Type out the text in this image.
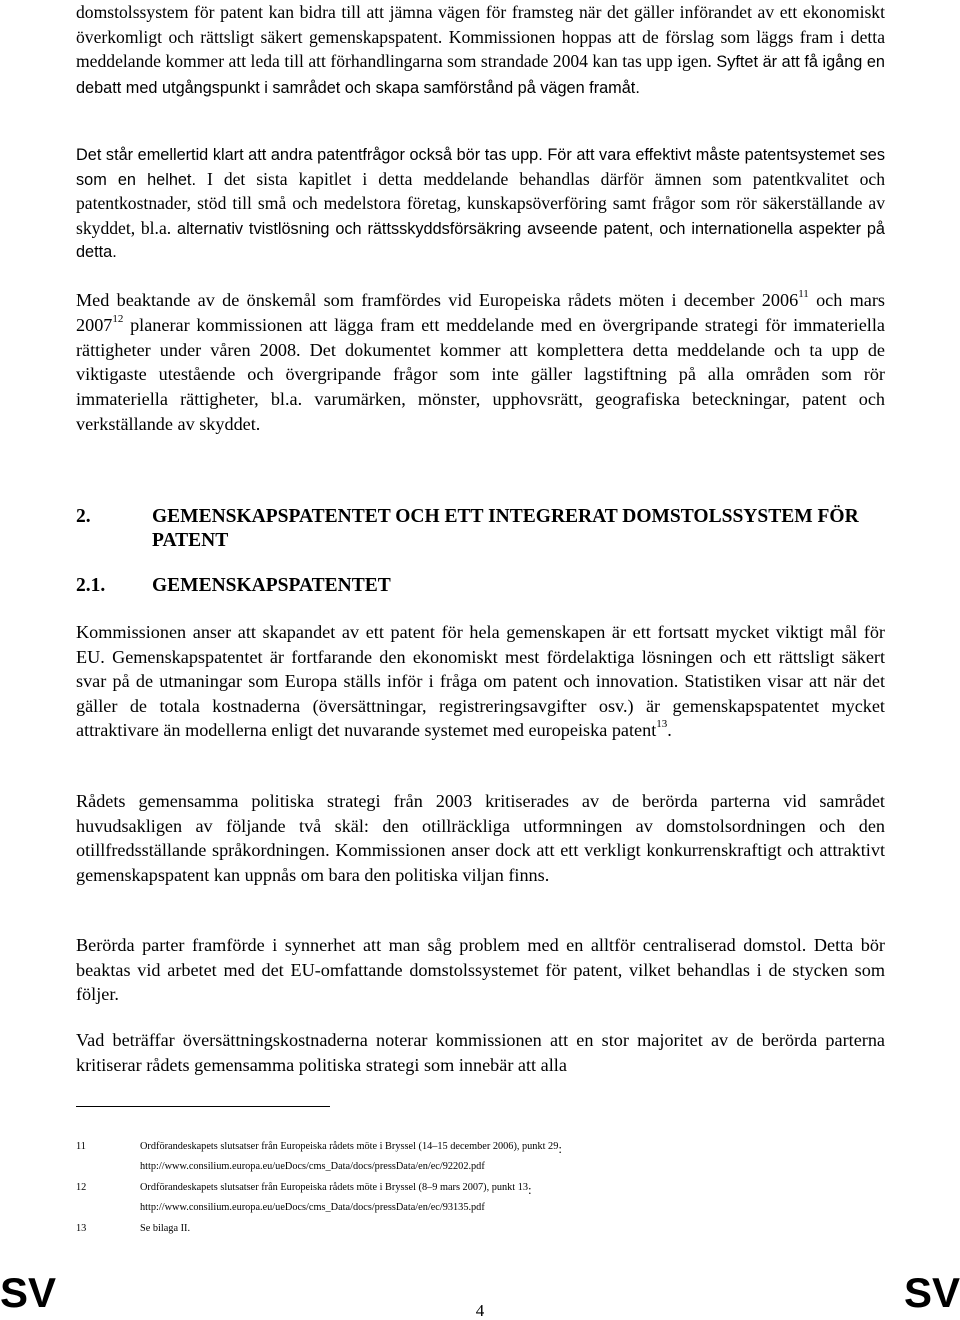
domstolssystem för patent kan bidra till att jämna vägen för framsteg när det gäller införandet av ett ekonomiskt överkomligt och rättsligt säkert gemenskapspatent. Kommissionen hoppas att de förslag som läggs fram i detta meddelande kommer att leda till att förhandlingarna som strandade 2004 kan tas upp igen. Syftet är att få igång en debatt med utgångspunkt i samrådet och skapa samförstånd på vägen framåt.

Det står emellertid klart att andra patentfrågor också bör tas upp. För att vara effektivt måste patentsystemet ses som en helhet. I det sista kapitlet i detta meddelande behandlas därför ämnen som patentkvalitet och patentkostnader, stöd till små och medelstora företag, kunskapsöverföring samt frågor som rör säkerställande av skyddet, bl.a. alternativ tvistlösning och rättsskyddsförsäkring avseende patent, och internationella aspekter på detta.

Med beaktande av de önskemål som framfördes vid Europeiska rådets möten i december 2006$^{11}$ och mars 2007$^{12}$ planerar kommissionen att lägga fram ett meddelande med en övergripande strategi för immateriella rättigheter under våren 2008. Det dokumentet kommer att komplettera detta meddelande och ta upp de viktigaste utestående och övergripande frågor som inte gäller lagstiftning på alla områden som rör immateriella rättigheter, bl.a. varumärken, mönster, upphovsrätt, geografiska beteckningar, patent och verkställande av skyddet.

2.	GEMENSKAPSPATENTET OCH ETT INTEGRERAT DOMSTOLSSYSTEM FÖR PATENT
2.1. GEMENSKAPSPATENTET

Kommissionen anser att skapandet av ett patent för hela gemenskapen är ett fortsatt mycket viktigt mål för EU. Gemenskapspatentet är fortfarande den ekonomiskt mest fördelaktiga lösningen och ett rättsligt säkert svar på de utmaningar som Europa ställs inför i fråga om patent och innovation. Statistiken visar att när det gäller de totala kostnaderna (översättningar, registreringsavgifter osv.) är gemenskapspatentet mycket attraktivare än modellerna enligt det nuvarande systemet med europeiska patent$^{13}$.

Rådets gemensamma politiska strategi från 2003 kritiserades av de berörda parterna vid samrådet huvudsakligen av följande två skäl: den otillräckliga utformningen av domstolsordningen och den otillfredsställande språkordningen. Kommissionen anser dock att ett verkligt konkurrenskraftigt och attraktivt gemenskapspatent kan uppnås om bara den politiska viljan finns.

Berörda parter framförde i synnerhet att man såg problem med en alltför centraliserad domstol. Detta bör beaktas vid arbetet med det EU-omfattande domstolssystemet för patent, vilket behandlas i de stycken som följer.

Vad beträffar översättningskostnaderna noterar kommissionen att en stor majoritet av de berörda parterna kritiserar rådets gemensamma politiska strategi som innebär att alla

11	Ordförandeskapets slutsatser från Europeiska rådets möte i Bryssel (14–15 december 2006), punkt 29:
http://www.consilium.europa.eu/ueDocs/cms_Data/docs/pressData/en/ec/92202.pdf
12	Ordförandeskapets slutsatser från Europeiska rådets möte i Bryssel (8–9 mars 2007), punkt 13:
http://www.consilium.europa.eu/ueDocs/cms_Data/docs/pressData/en/ec/93135.pdf
13	Se bilaga II.
SV	4	SV
